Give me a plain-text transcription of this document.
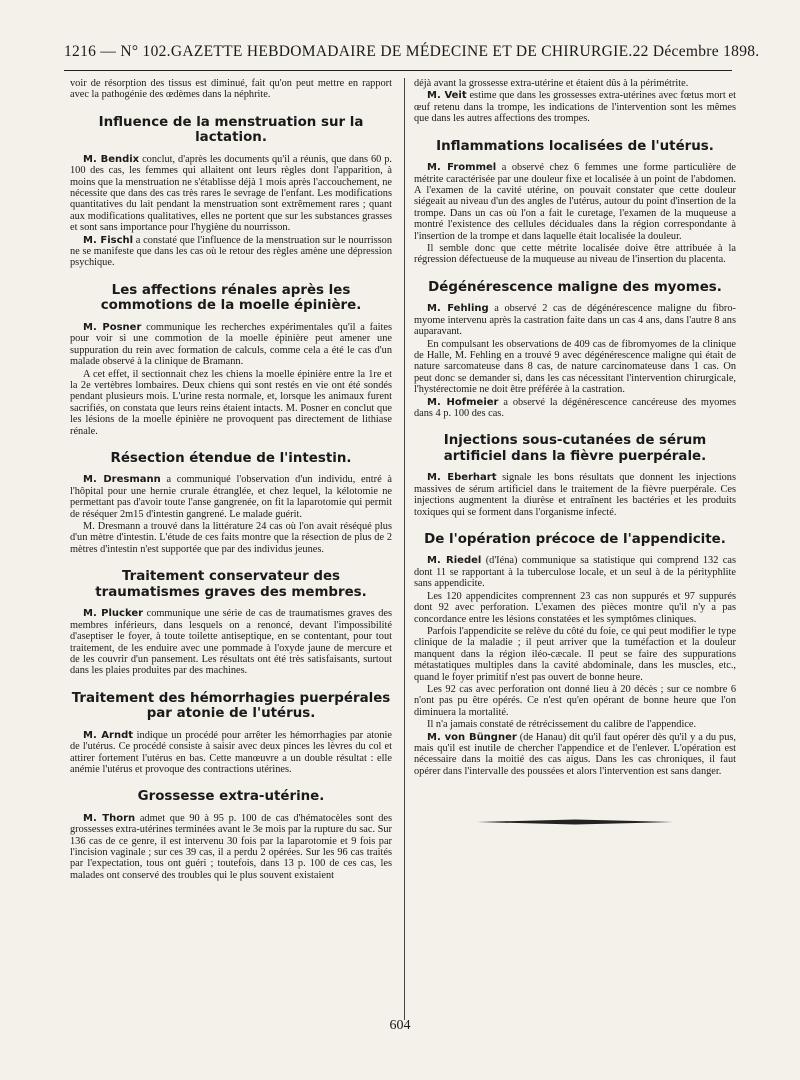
1216 — N° 102. GAZETTE HEBDOMADAIRE DE MÉDECINE ET DE CHIRURGIE. 22 Décembre 1898.

voir de résorption des tissus est diminué, fait qu'on peut mettre en rapport avec la pathogénie des œdèmes dans la néphrite.

Influence de la menstruation sur la lactation.

M. Bendix conclut, d'après les documents qu'il a réunis, que dans 60 p. 100 des cas, les femmes qui allaitent ont leurs règles dont l'apparition, à moins que la menstruation ne s'établisse déjà 1 mois après l'accouchement, ne nécessite que dans des cas très rares le sevrage de l'enfant. Les modifications quantitatives du lait pendant la menstruation sont extrêmement rares ; quant aux modifications qualitatives, elles ne portent que sur les substances grasses et sont sans importance pour l'hygiène du nourrisson.

M. Fischl a constaté que l'influence de la menstruation sur le nourrisson ne se manifeste que dans les cas où le retour des règles amène une dépression psychique.

Les affections rénales après les commotions de la moelle épinière.

M. Posner communique les recherches expérimentales qu'il a faites pour voir si une commotion de la moelle épinière peut amener une suppuration du rein avec formation de calculs, comme cela a été le cas d'un malade observé à la clinique de Bramann.

A cet effet, il sectionnait chez les chiens la moelle épinière entre la 1re et la 2e vertèbres lombaires. Deux chiens qui sont restés en vie ont été sondés pendant plusieurs mois. L'urine resta normale, et, lorsque les animaux furent sacrifiés, on constata que leurs reins étaient intacts. M. Posner en conclut que les lésions de la moelle épinière ne provoquent pas directement de lithiase rénale.

Résection étendue de l'intestin.

M. Dresmann a communiqué l'observation d'un individu, entré à l'hôpital pour une hernie crurale étranglée, et chez lequel, la kélotomie ne permettant pas d'avoir toute l'anse gangrenée, on fit la laparotomie qui permit de réséquer 2m15 d'intestin gangrené. Le malade guérit.

M. Dresmann a trouvé dans la littérature 24 cas où l'on avait réséqué plus d'un mètre d'intestin. L'étude de ces faits montre que la résection de plus de 2 mètres d'intestin n'est supportée que par des individus jeunes.

Traitement conservateur des traumatismes graves des membres.

M. Plucker communique une série de cas de traumatismes graves des membres inférieurs, dans lesquels on a renoncé, devant l'impossibilité d'aseptiser le foyer, à toute toilette antiseptique, en se contentant, pour tout traitement, de les enduire avec une pommade à l'oxyde jaune de mercure et de les couvrir d'un pansement. Les résultats ont été très satisfaisants, surtout dans les plaies produites par des machines.

Traitement des hémorrhagies puerpérales par atonie de l'utérus.

M. Arndt indique un procédé pour arrêter les hémorrhagies par atonie de l'utérus. Ce procédé consiste à saisir avec deux pinces les lèvres du col et attirer fortement l'utérus en bas. Cette manœuvre a un double résultat : elle anémie l'utérus et provoque des contractions utérines.

Grossesse extra-utérine.

M. Thorn admet que 90 à 95 p. 100 de cas d'hématocèles sont des grossesses extra-utérines terminées avant le 3e mois par la rupture du sac. Sur 136 cas de ce genre, il est intervenu 30 fois par la laparotomie et 9 fois par l'incision vaginale ; sur ces 39 cas, il a perdu 2 opérées. Sur les 96 cas traités par l'expectation, tous ont guéri ; toutefois, dans 13 p. 100 de ces cas, les malades ont conservé des troubles qui le plus souvent existaient

déjà avant la grossesse extra-utérine et étaient dûs à la périmétrite.

M. Veit estime que dans les grossesses extra-utérines avec fœtus mort et œuf retenu dans la trompe, les indications de l'intervention sont les mêmes que dans les autres affections des trompes.

Inflammations localisées de l'utérus.

M. Frommel a observé chez 6 femmes une forme particulière de métrite caractérisée par une douleur fixe et localisée à un point de l'abdomen. A l'examen de la cavité utérine, on pouvait constater que cette douleur siégeait au niveau d'un des angles de l'utérus, autour du point d'insertion de la trompe. Dans un cas où l'on a fait le curetage, l'examen de la muqueuse a montré l'existence des cellules déciduales dans la région correspondante à l'insertion de la trompe et dans laquelle était localisée la douleur.

Il semble donc que cette métrite localisée doive être attribuée à la régression défectueuse de la muqueuse au niveau de l'insertion du placenta.

Dégénérescence maligne des myomes.

M. Fehling a observé 2 cas de dégénérescence maligne du fibro-myome intervenu après la castration faite dans un cas 4 ans, dans l'autre 8 ans auparavant.

En compulsant les observations de 409 cas de fibromyomes de la clinique de Halle, M. Fehling en a trouvé 9 avec dégénérescence maligne qui était de nature sarcomateuse dans 8 cas, de nature carcinomateuse dans 1 cas. On peut donc se demander si, dans les cas nécessitant l'intervention chirurgicale, l'hystérectomie ne doit être préférée à la castration.

M. Hofmeier a observé la dégénérescence cancéreuse des myomes dans 4 p. 100 des cas.

Injections sous-cutanées de sérum artificiel dans la fièvre puerpérale.

M. Eberhart signale les bons résultats que donnent les injections massives de sérum artificiel dans le traitement de la fièvre puerpérale. Ces injections augmentent la diurèse et entraînent les bactéries et les produits toxiques qui se forment dans l'organisme infecté.

De l'opération précoce de l'appendicite.

M. Riedel (d'Iéna) communique sa statistique qui comprend 132 cas dont 11 se rapportant à la tuberculose locale, et un seul à de la pérityphlite sans appendicite.

Les 120 appendicites comprennent 23 cas non suppurés et 97 suppurés dont 92 avec perforation. L'examen des pièces montre qu'il n'y a pas concordance entre les lésions constatées et les symptômes cliniques.

Parfois l'appendicite se relève du côté du foie, ce qui peut modifier le type clinique de la maladie ; il peut arriver que la tuméfaction et la douleur manquent dans la région iléo-cæcale. Il peut se faire des suppurations métastatiques multiples dans la cavité abdominale, dans les muscles, etc., quand le foyer primitif n'est pas ouvert de bonne heure.

Les 92 cas avec perforation ont donné lieu à 20 décès ; sur ce nombre 6 n'ont pas pu être opérés. Ce n'est qu'en opérant de bonne heure que l'on diminuera la mortalité.

Il n'a jamais constaté de rétrécissement du calibre de l'appendice.

M. von Büngner (de Hanau) dit qu'il faut opérer dès qu'il y a du pus, mais qu'il est inutile de chercher l'appendice et de l'enlever. L'opération est nécessaire dans la moitié des cas aigus. Dans les cas chroniques, il faut opérer dans l'intervalle des poussées et alors l'intervention est sans danger.

604
